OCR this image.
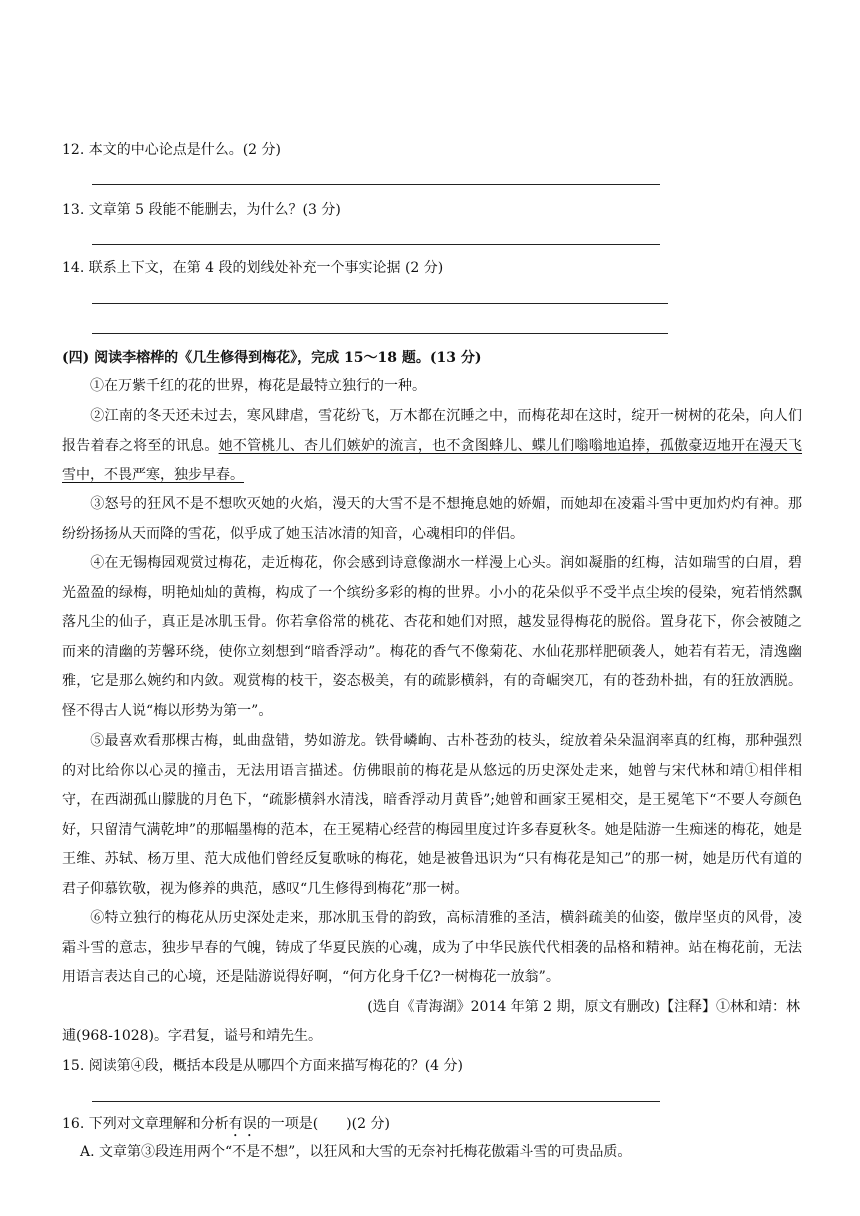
12. 本文的中心论点是什么。(2 分)
13. 文章第 5 段能不能删去，为什么？(3 分)
14. 联系上下文，在第 4 段的划线处补充一个事实论据 (2 分)
(四) 阅读李榕桦的《几生修得到梅花》，完成 15～18 题。(13 分)
①在万紫千红的花的世界，梅花是最特立独行的一种。
②江南的冬天还未过去，寒风肆虐，雪花纷飞，万木都在沉睡之中，而梅花却在这时，绽开一树树的花朵，向人们报告着春之将至的讯息。她不管桃儿、杏儿们嫉妒的流言，也不贪图蜂儿、蝶儿们嗡嗡地追捧，孤傲豪迈地开在漫天飞雪中，不畏严寒，独步早春。
③怒号的狂风不是不想吹灭她的火焰，漫天的大雪不是不想掩息她的娇媚，而她却在凌霜斗雪中更加灼灼有神。那纷纷扬扬从天而降的雪花，似乎成了她玉洁冰清的知音，心魂相印的伴侣。
④在无锡梅园观赏过梅花，走近梅花，你会感到诗意像湖水一样漫上心头。润如凝脂的红梅，洁如瑞雪的白眉，碧光盈盈的绿梅，明艳灿灿的黄梅，构成了一个缤纷多彩的梅的世界。小小的花朵似乎不受半点尘埃的侵染，宛若悄然飘落凡尘的仙子，真正是冰肌玉骨。你若拿俗常的桃花、杏花和她们对照，越发显得梅花的脱俗。置身花下，你会被随之而来的清幽的芳馨环绕，使你立刻想到“暗香浮动”。梅花的香气不像菊花、水仙花那样肥硕袭人，她若有若无，清逸幽雅，它是那么婉约和内敛。观赏梅的枝干，姿态极美，有的疏影横斜，有的奇崛突兀，有的苍劲朴拙，有的狂放洒脱。怪不得古人说“梅以形势为第一”。
⑤最喜欢看那棵古梅，虬曲盘错，势如游龙。铁骨嶙峋、古朴苍劲的枝头，绽放着朵朵温润率真的红梅，那种强烈的对比给你以心灵的撞击，无法用语言描述。仿佛眼前的梅花是从悠远的历史深处走来，她曾与宋代林和靖①相伴相守，在西湖孤山朦胧的月色下，“疏影横斜水清浅，暗香浮动月黄昏”;她曾和画家王冕相交，是王冕笔下“不要人夸颜色好，只留清气满乾坤”的那幅墨梅的范本，在王冕精心经营的梅园里度过许多春夏秋冬。她是陆游一生痴迷的梅花，她是王维、苏轼、杨万里、范大成他们曾经反复歌咏的梅花，她是被鲁迅识为“只有梅花是知己”的那一树，她是历代有道的君子仰慕钦敬，视为修养的典范，感叹“几生修得到梅花”那一树。
⑥特立独行的梅花从历史深处走来，那冰肌玉骨的韵致，高标清雅的圣洁，横斜疏美的仙姿，傲岸坚贞的风骨，凌霜斗雪的意志，独步早春的气魄，铸成了华夏民族的心魂，成为了中华民族代代相袭的品格和精神。站在梅花前，无法用语言表达自己的心境，还是陆游说得好啊，“何方化身千亿?一树梅花一放翁”。
(选自《青海湖》2014 年第 2 期，原文有删改)【注释】①林和靖：林
逋(968-1028)。字君复，谥号和靖先生。
15. 阅读第④段，概括本段是从哪四个方面来描写梅花的？(4 分)
16. 下列对文章理解和分析有误的一项是(　　)(2 分)
A. 文章第③段连用两个“不是不想”，以狂风和大雪的无奈衬托梅花傲霜斗雪的可贵品质。
